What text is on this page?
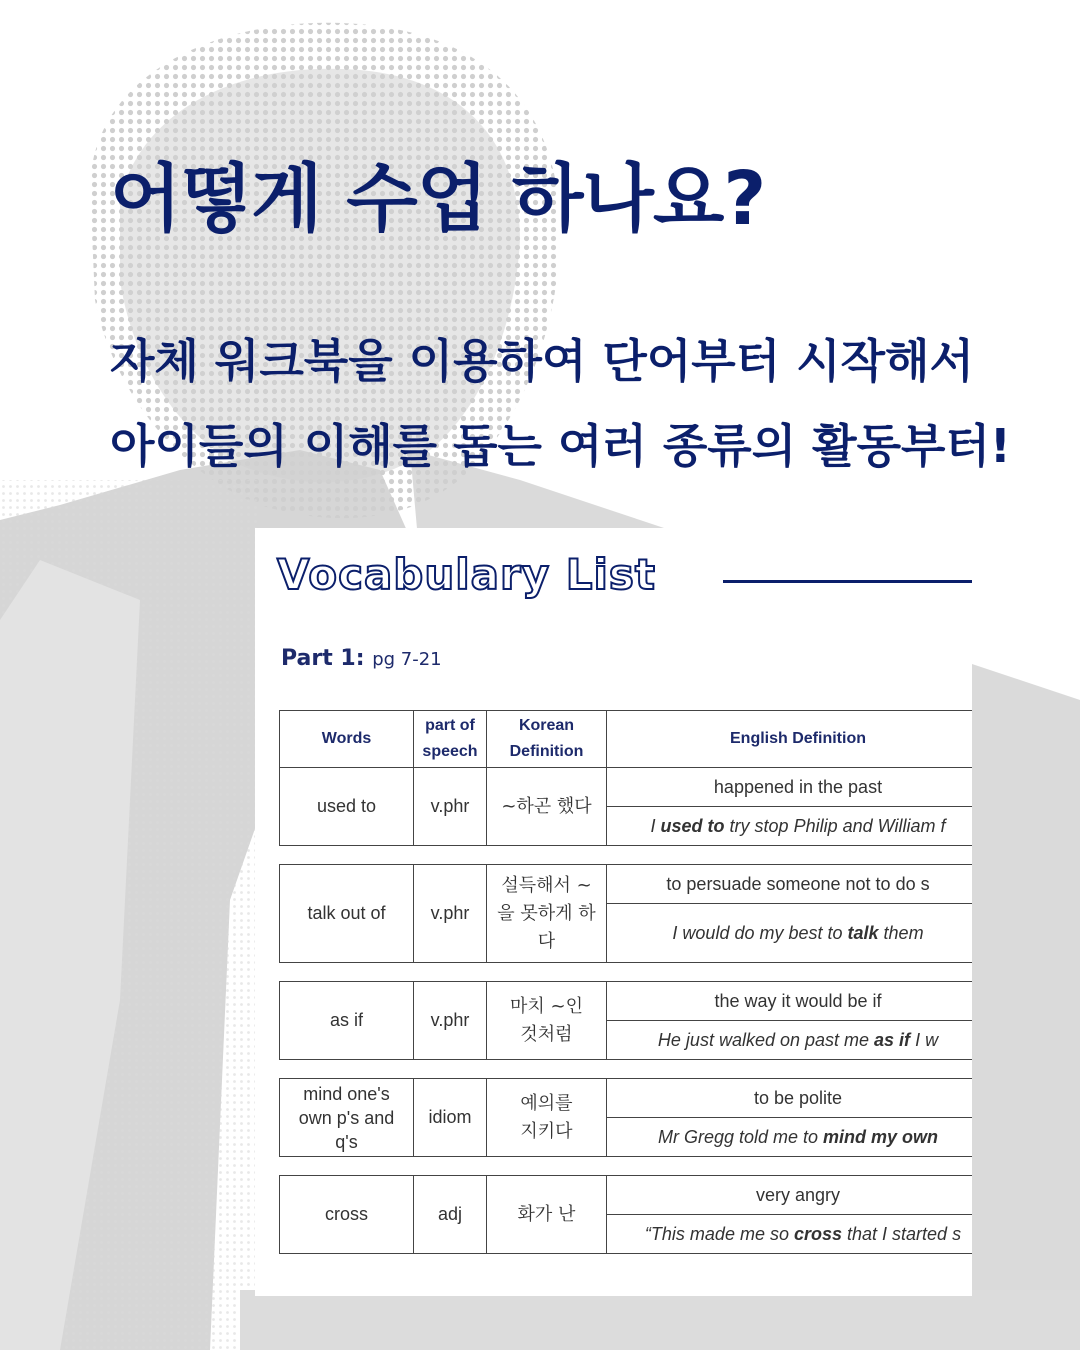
어떻게 수업 하나요?
자체 워크북을 이용하여 단어부터 시작해서
아이들의 이해를 돕는 여러 종류의 활동부터!
Vocabulary List
Part 1: pg 7-21
Words	part of speech	Korean Definition	English Definition
used to	v.phr	~하곤 했다	happened in the past
			I used to try stop Philip and William f

talk out of	v.phr	설득해서 ~을 못하게 하다	to persuade someone not to do s
			I would do my best to talk them

as if	v.phr	마치 ~인 것처럼	the way it would be if
			He just walked on past me as if I w

mind one's own p's and q's	idiom	예의를 지키다	to be polite
			Mr Gregg told me to mind my own

cross	adj	화가 난	very angry
			“This made me so cross that I started s
